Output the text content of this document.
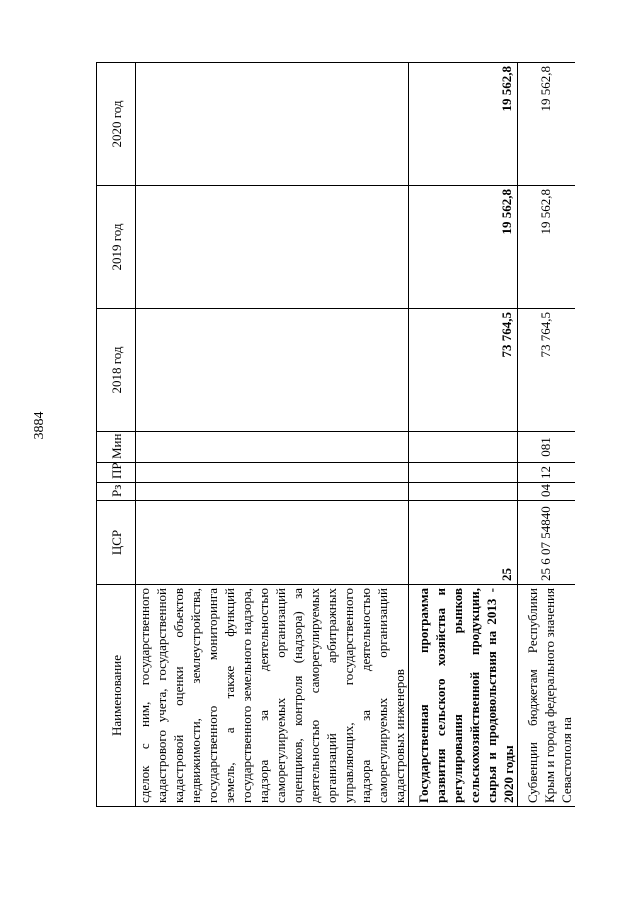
3884
Наименование	ЦСР	Рз	ПР	Мин	2018 год	2019 год	2020 год
сделок с ним, государственного кадастрового учета, государственной кадастровой оценки объектов недвижимости, землеустройства, государственного мониторинга земель, а также функций государственного земельного надзора, надзора за деятельностью саморегулируемых организаций оценщиков, контроля (надзора) за деятельностью саморегулируемых организаций арбитражных управляющих, государственного надзора за деятельностью саморегулируемых организаций кадастровых инженеров							
Государственная программа развития сельского хозяйства и регулирования рынков сельскохозяйственной продукции, сырья и продовольствия на 2013 - 2020 годы	25				73 764,5	19 562,8	19 562,8
Субвенции бюджетам Республики Крым и города федерального значения Севастополя на	25 6 07 54840	04	12	081	73 764,5	19 562,8	19 562,8
